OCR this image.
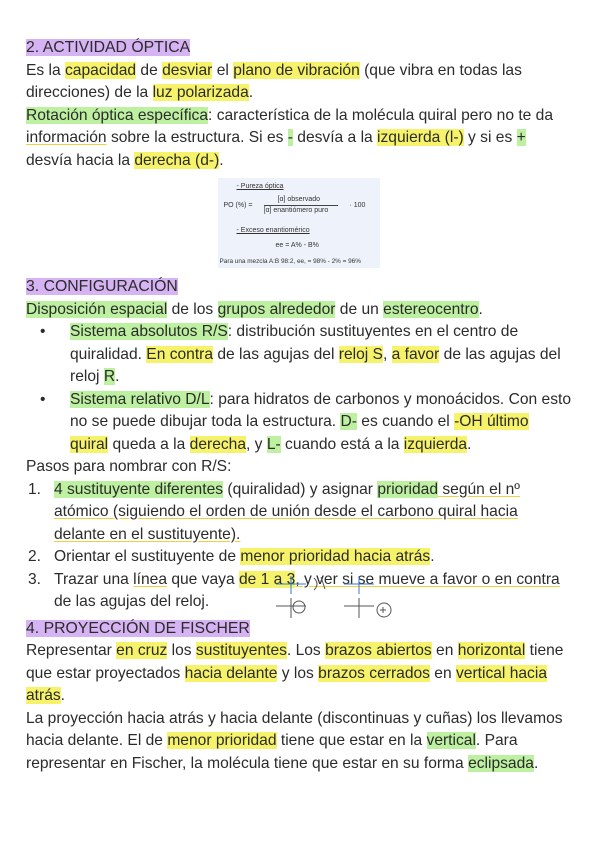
2. ACTIVIDAD ÓPTICA

Es la capacidad de desviar el plano de vibración (que vibra en todas las direcciones) de la luz polarizada.

Rotación óptica específica: característica de la molécula quiral pero no te da información sobre la estructura. Si es - desvía a la izquierda (l-) y si es + desvía hacia la derecha (d-).

- Pureza óptica
PO (%) =
[α] observado
[α] enantiómero puro
· 100
- Exceso enantiomérico
ee = A% - B%
Para una mezcla A:B 98:2, ee, = 98% - 2% = 96%
3. CONFIGURACIÓN

Disposición espacial de los grupos alrededor de un estereocentro.

• Sistema absolutos R/S: distribución sustituyentes en el centro de quiralidad. En contra de las agujas del reloj S, a favor de las agujas del reloj R.
• Sistema relativo D/L: para hidratos de carbonos y monoácidos. Con esto no se puede dibujar toda la estructura. D- es cuando el -OH último quiral queda a la derecha, y L- cuando está a la izquierda.

Pasos para nombrar con R/S:

1. 4 sustituyente diferentes (quiralidad) y asignar prioridad según el nº atómico (siguiendo el orden de unión desde el carbono quiral hacia delante en el sustituyente).
2. Orientar el sustituyente de menor prioridad hacia atrás.
3. Trazar una línea que vaya de 1 a 3, y ver si se mueve a favor o en contra de las agujas del reloj.
4. PROYECCIÓN DE FISCHER

Representar en cruz los sustituyentes. Los brazos abiertos en horizontal tiene que estar proyectados hacia delante y los brazos cerrados en vertical hacia atrás.

La proyección hacia atrás y hacia delante (discontinuas y cuñas) los llevamos hacia delante. El de menor prioridad tiene que estar en la vertical. Para representar en Fischer, la molécula tiene que estar en su forma eclipsada.
